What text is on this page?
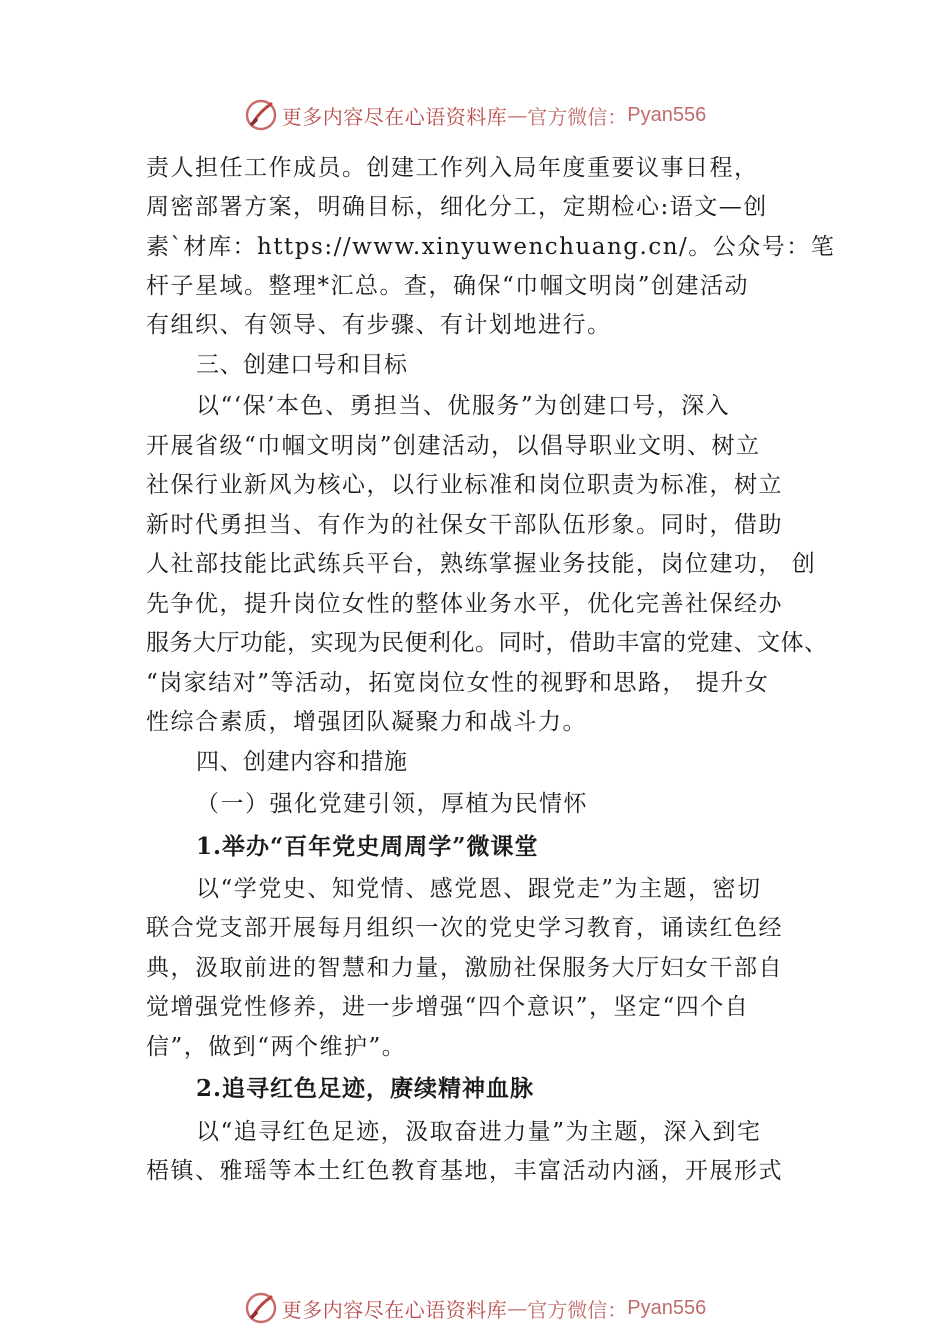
更多内容尽在心语资料库 — 官方微信： Pyan556
责人担任工作成员。创建工作列入局年度重要议事日程，
周密部署方案，明确目标，细化分工，定期检心:语文—创
素`材库：https://www.xinyuwenchuang.cn/。公众号：笔
杆子星域。整理*汇总。查，确保“巾帼文明岗”创建活动
有组织、有领导、有步骤、有计划地进行。
三、创建口号和目标
以“‘保’本色、勇担当、优服务”为创建口号，深入
开展省级“巾帼文明岗”创建活动，以倡导职业文明、树立
社保行业新风为核心，以行业标准和岗位职责为标准，树立
新时代勇担当、有作为的社保女干部队伍形象。同时，借助
人社部技能比武练兵平台，熟练掌握业务技能，岗位建功， 创
先争优，提升岗位女性的整体业务水平，优化完善社保经办
服务大厅功能，实现为民便利化。同时，借助丰富的党建、文体、
“岗家结对”等活动，拓宽岗位女性的视野和思路， 提升女
性综合素质，增强团队凝聚力和战斗力。
四、创建内容和措施
（一）强化党建引领，厚植为民情怀
1.举办“百年党史周周学”微课堂
以“学党史、知党情、感党恩、跟党走”为主题，密切
联合党支部开展每月组织一次的党史学习教育，诵读红色经
典，汲取前进的智慧和力量，激励社保服务大厅妇女干部自
觉增强党性修养，进一步增强“四个意识”，坚定“四个自
信”，做到“两个维护”。
2.追寻红色足迹，赓续精神血脉
以“追寻红色足迹，汲取奋进力量”为主题，深入到宅
梧镇、雅瑶等本土红色教育基地，丰富活动内涵，开展形式
更多内容尽在心语资料库 — 官方微信： Pyan556
